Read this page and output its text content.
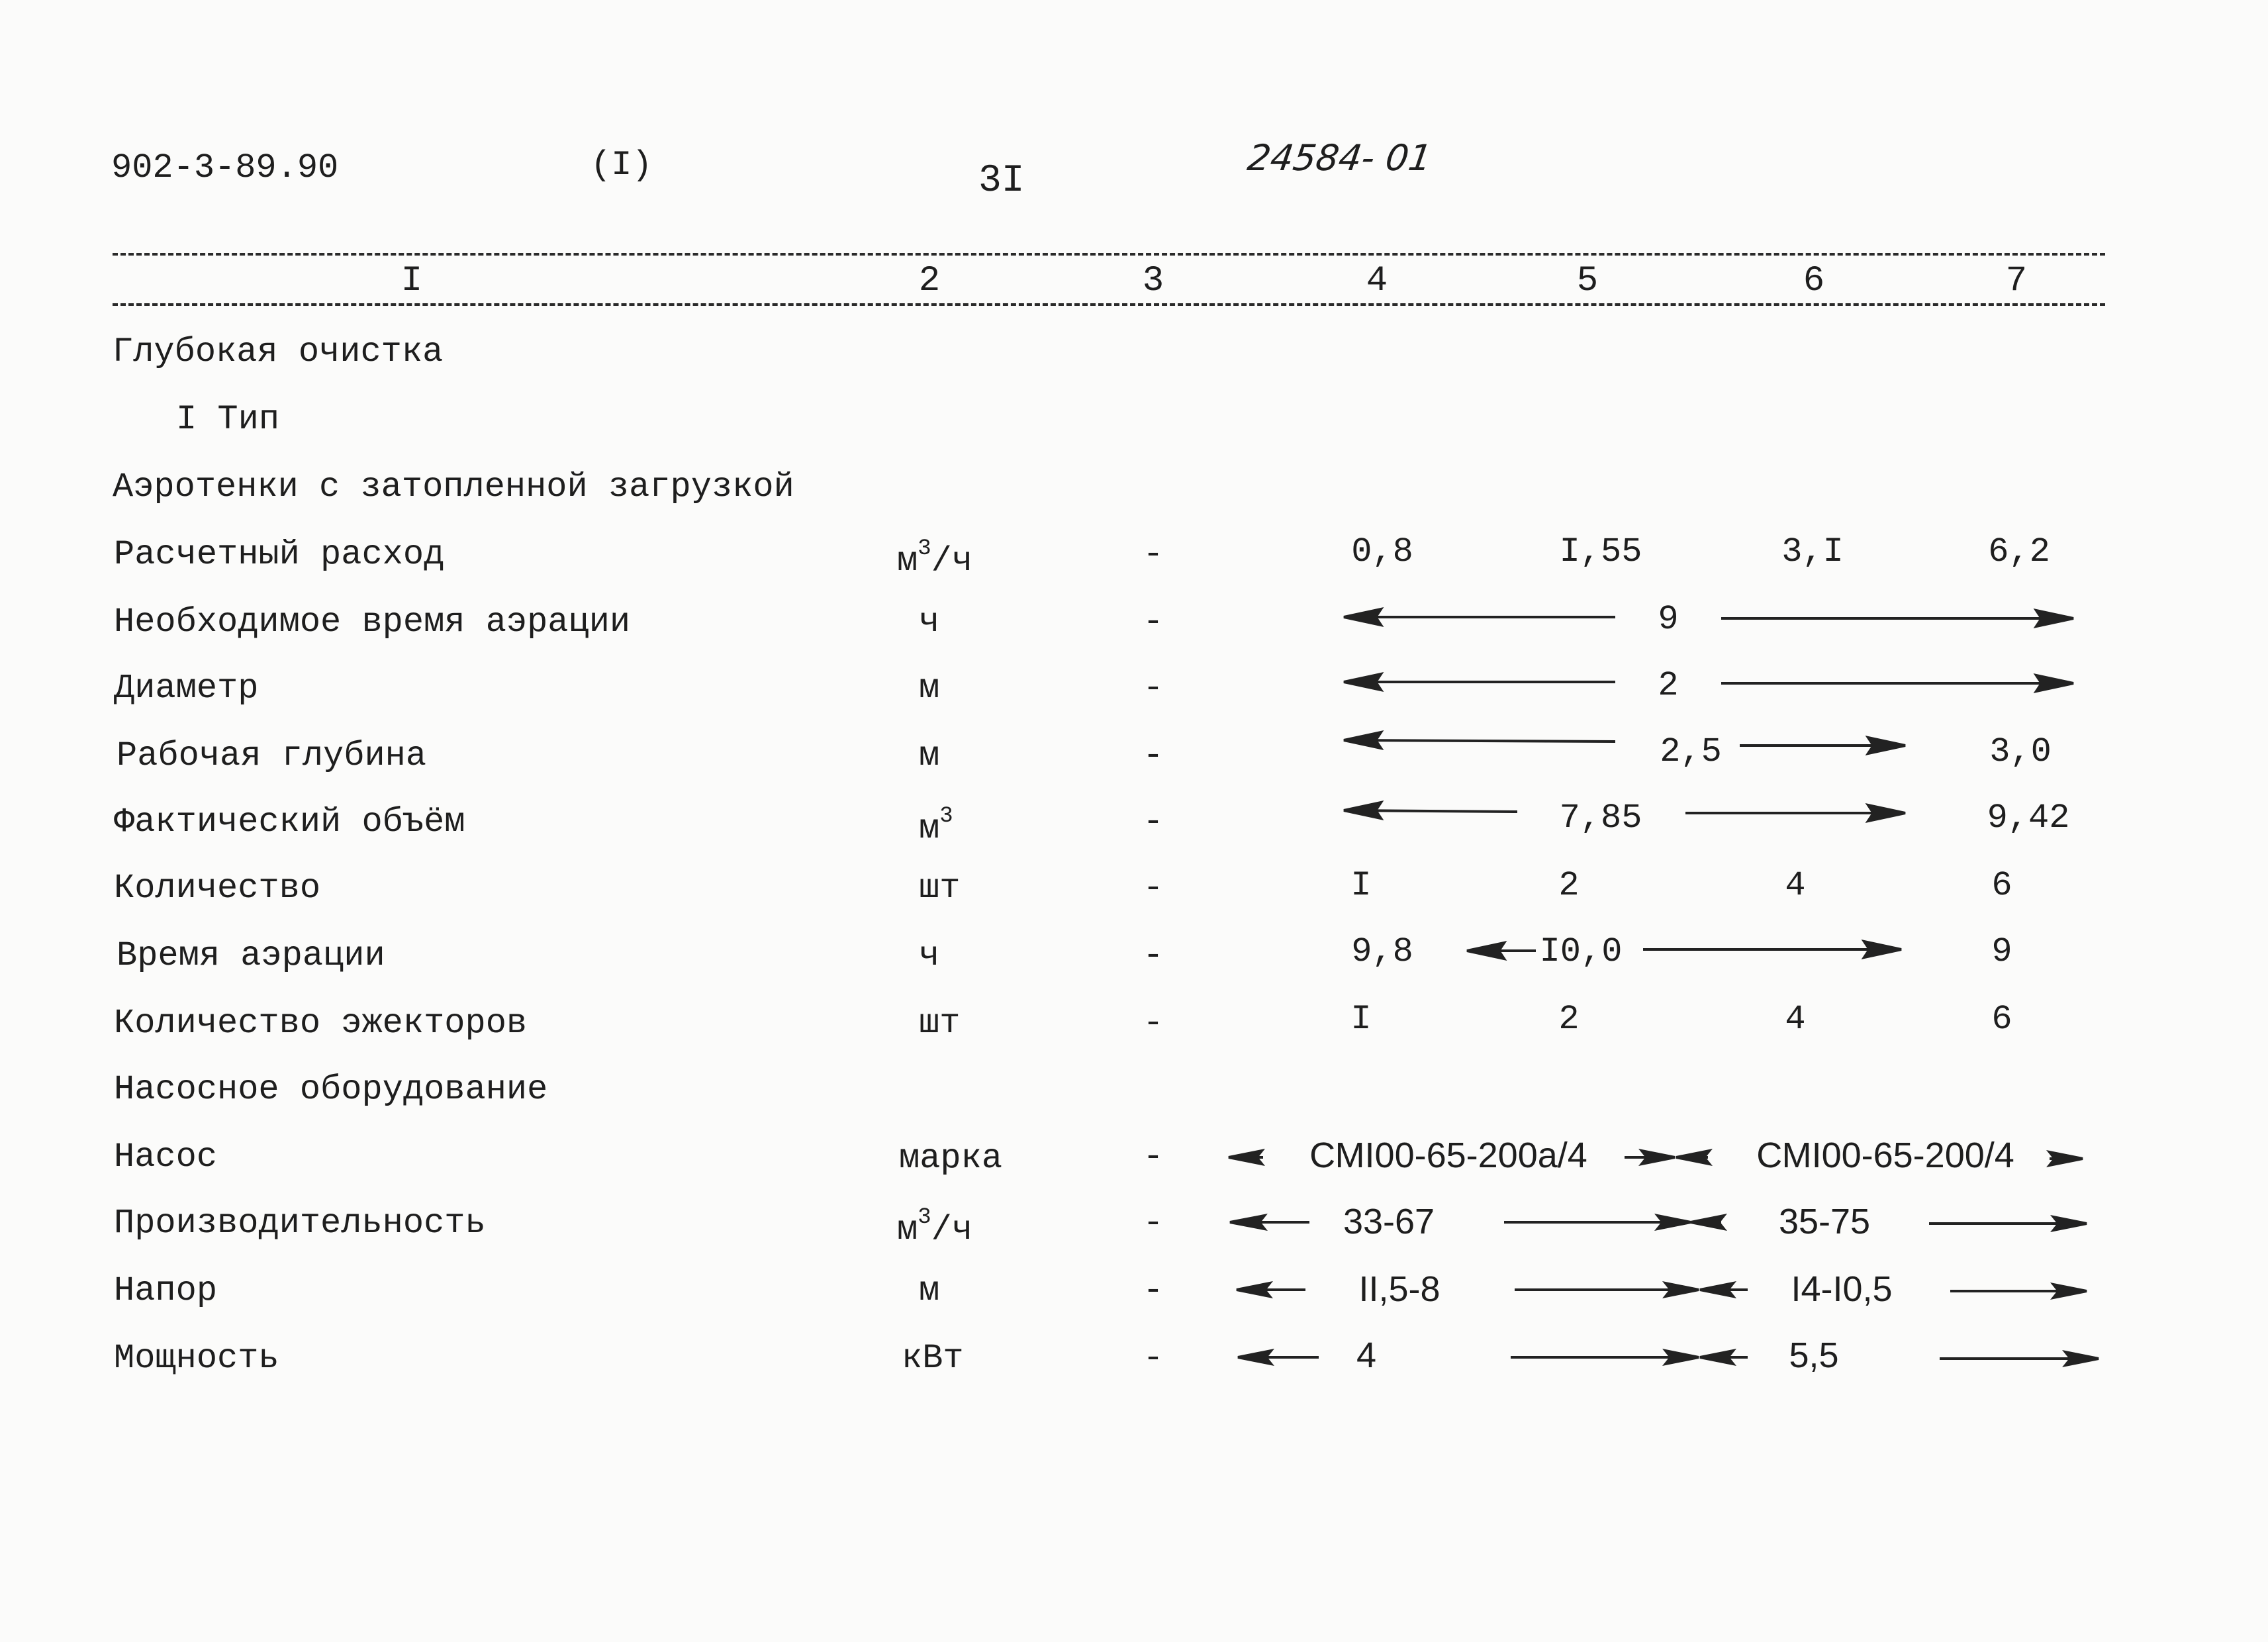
902-3-89.90	(I)	3I
24584- 01
I	2	3	4	5	6	7
Глубокая очистка
I Тип
Аэротенки с затопленной загрузкой
Расчетный расход	$м^3/ч$	-	0,8	I,55	3,I	6,2
Необходимое время аэрации	ч	-	9
Диаметр	м	-	2
Рабочая глубина	м	-	2,5	3,0
Фактический объём	$м^3$	-	7,85	9,42
Количество	шт	-	I	2	4	6
Время аэрации	ч	-	9,8	I0,0	9
Количество эжекторов	шт	-	I	2	4	6
Насосное оборудование
Насос	марка	-	СМI00-65-200а/4	СМI00-65-200/4
Производительность	$м^3/ч$	-	33-67	35-75
Напор	м	-	II,5-8	I4-I0,5
Мощность	кВт	-	4	5,5
